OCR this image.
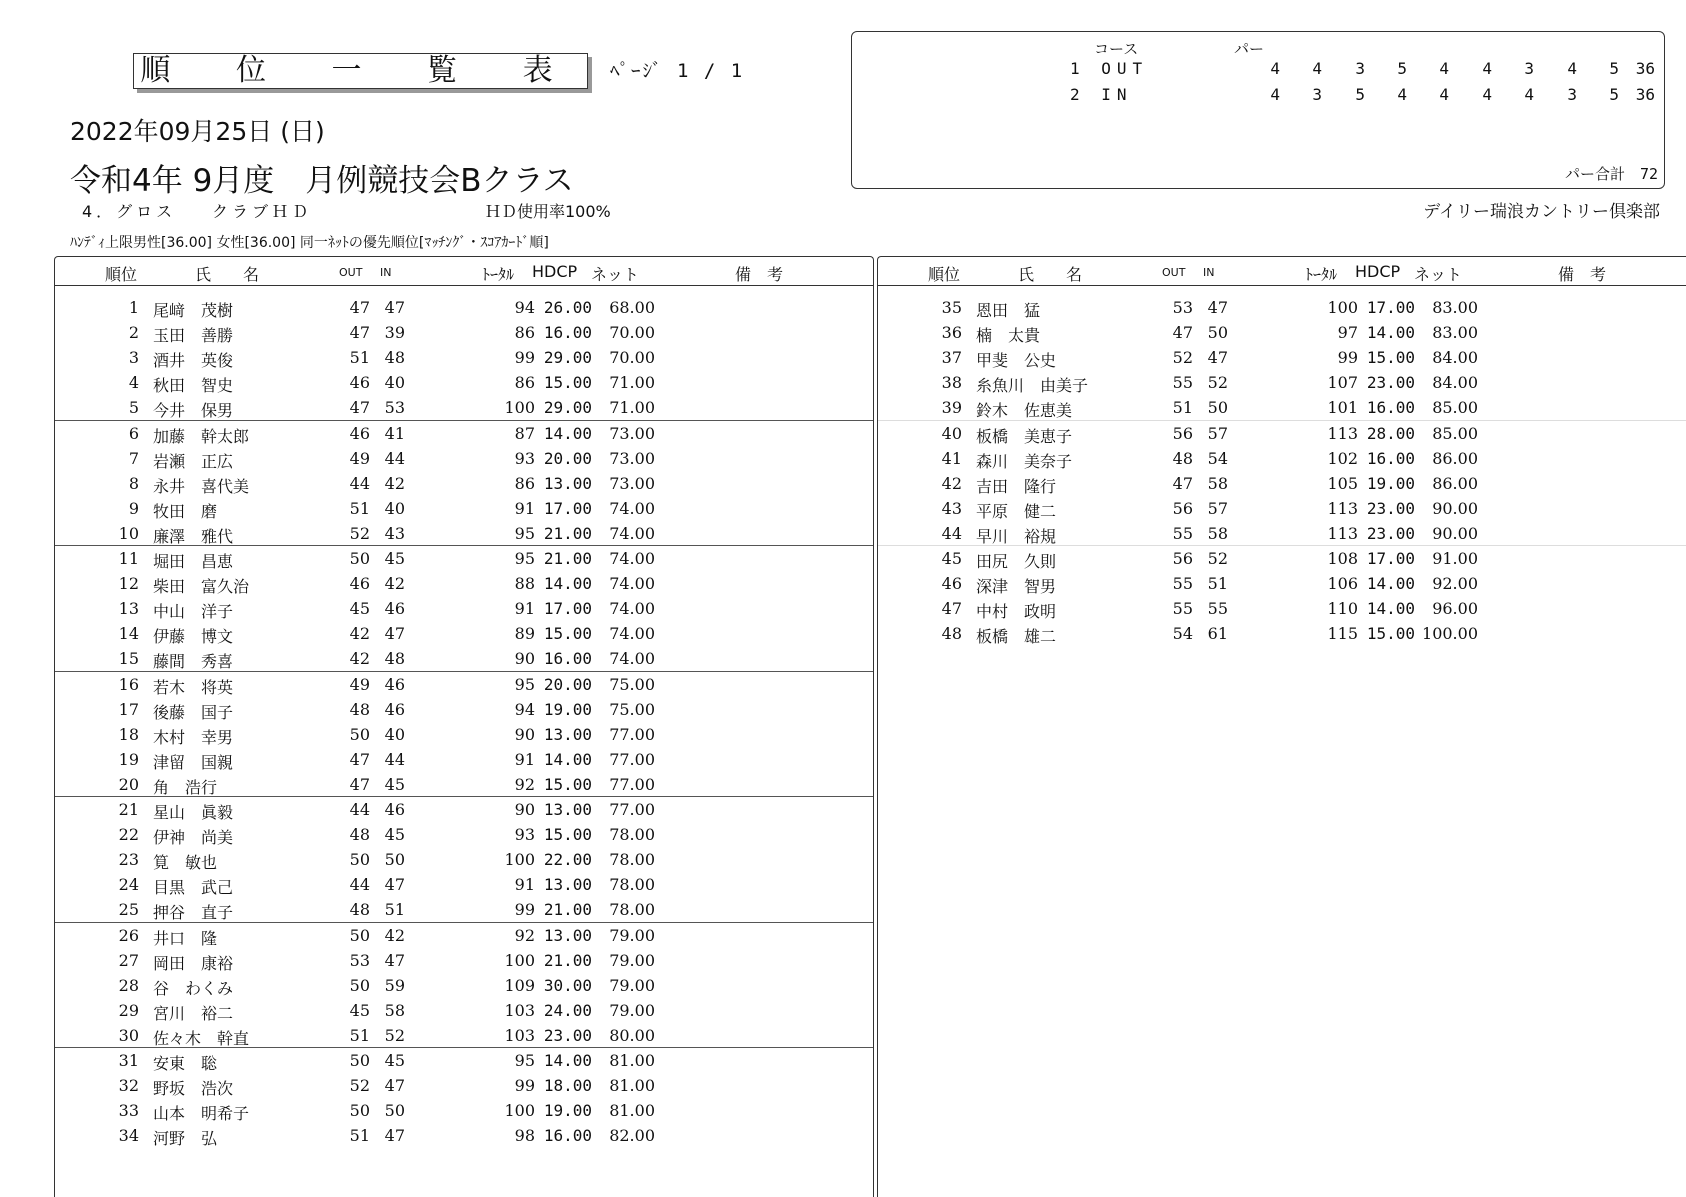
順 位 一 覧 表	ﾍﾟｰｼﾞ 1 / 1
2022年09月25日 (日)
令和4年 9月度　月例競技会Bクラス
4．グロス クラブＨＤ	ＨＤ使用率100%	デイリー瑞浪カントリー倶楽部
ﾊﾝﾃﾞｨ上限男性[36.00] 女性[36.00] 同一ﾈｯﾄの優先順位[ﾏｯﾁﾝｸﾞ・ｽｺｱｶｰﾄﾞ順]
コース	パー
1 OUT	4	4	3	5	4	4	3	4	5	36
2 IN	4	3	5	4	4	4	4	3	5	36
パー合計　72
順位	氏　　名	OUT IN	ﾄｰﾀﾙ HDCP ネット	備　考
1 尾﨑　茂樹	47 47	94 26.00	68.00
2 玉田　善勝	47 39	86 16.00	70.00
3 酒井　英俊	51 48	99 29.00	70.00
4 秋田　智史	46 40	86 15.00	71.00
5 今井　保男	47 53	100 29.00	71.00
6 加藤　幹太郎	46 41	87 14.00	73.00
7 岩瀬　正広	49 44	93 20.00	73.00
8 永井　喜代美	44 42	86 13.00	73.00
9 牧田　磨	51 40	91 17.00	74.00
10 廉澤　雅代	52 43	95 21.00	74.00
11 堀田　昌恵	50 45	95 21.00	74.00
12 柴田　富久治	46 42	88 14.00	74.00
13 中山　洋子	45 46	91 17.00	74.00
14 伊藤　博文	42 47	89 15.00	74.00
15 藤間　秀喜	42 48	90 16.00	74.00
16 若木　将英	49 46	95 20.00	75.00
17 後藤　国子	48 46	94 19.00	75.00
18 木村　幸男	50 40	90 13.00	77.00
19 津留　国親	47 44	91 14.00	77.00
20 角　浩行	47 45	92 15.00	77.00
21 星山　眞毅	44 46	90 13.00	77.00
22 伊神　尚美	48 45	93 15.00	78.00
23 筧　敏也	50 50	100 22.00	78.00
24 目黒　武己	44 47	91 13.00	78.00
25 押谷　直子	48 51	99 21.00	78.00
26 井口　隆	50 42	92 13.00	79.00
27 岡田　康裕	53 47	100 21.00	79.00
28 谷　わくみ	50 59	109 30.00	79.00
29 宮川　裕二	45 58	103 24.00	79.00
30 佐々木　幹直	51 52	103 23.00	80.00
31 安東　聡	50 45	95 14.00	81.00
32 野坂　浩次	52 47	99 18.00	81.00
33 山本　明希子	50 50	100 19.00	81.00
34 河野　弘	51 47	98 16.00	82.00
順位	氏　　名	OUT IN	ﾄｰﾀﾙ HDCP ネット	備　考
35 恩田　猛	53 47	100 17.00	83.00
36 楠　太貴	47 50	97 14.00	83.00
37 甲斐　公史	52 47	99 15.00	84.00
38 糸魚川　由美子	55 52	107 23.00	84.00
39 鈴木　佐恵美	51 50	101 16.00	85.00
40 板橋　美恵子	56 57	113 28.00	85.00
41 森川　美奈子	48 54	102 16.00	86.00
42 吉田　隆行	47 58	105 19.00	86.00
43 平原　健二	56 57	113 23.00	90.00
44 早川　裕規	55 58	113 23.00	90.00
45 田尻　久則	56 52	108 17.00	91.00
46 深津　智男	55 51	106 14.00	92.00
47 中村　政明	55 55	110 14.00	96.00
48 板橋　雄二	54 61	115 15.00 100.00
